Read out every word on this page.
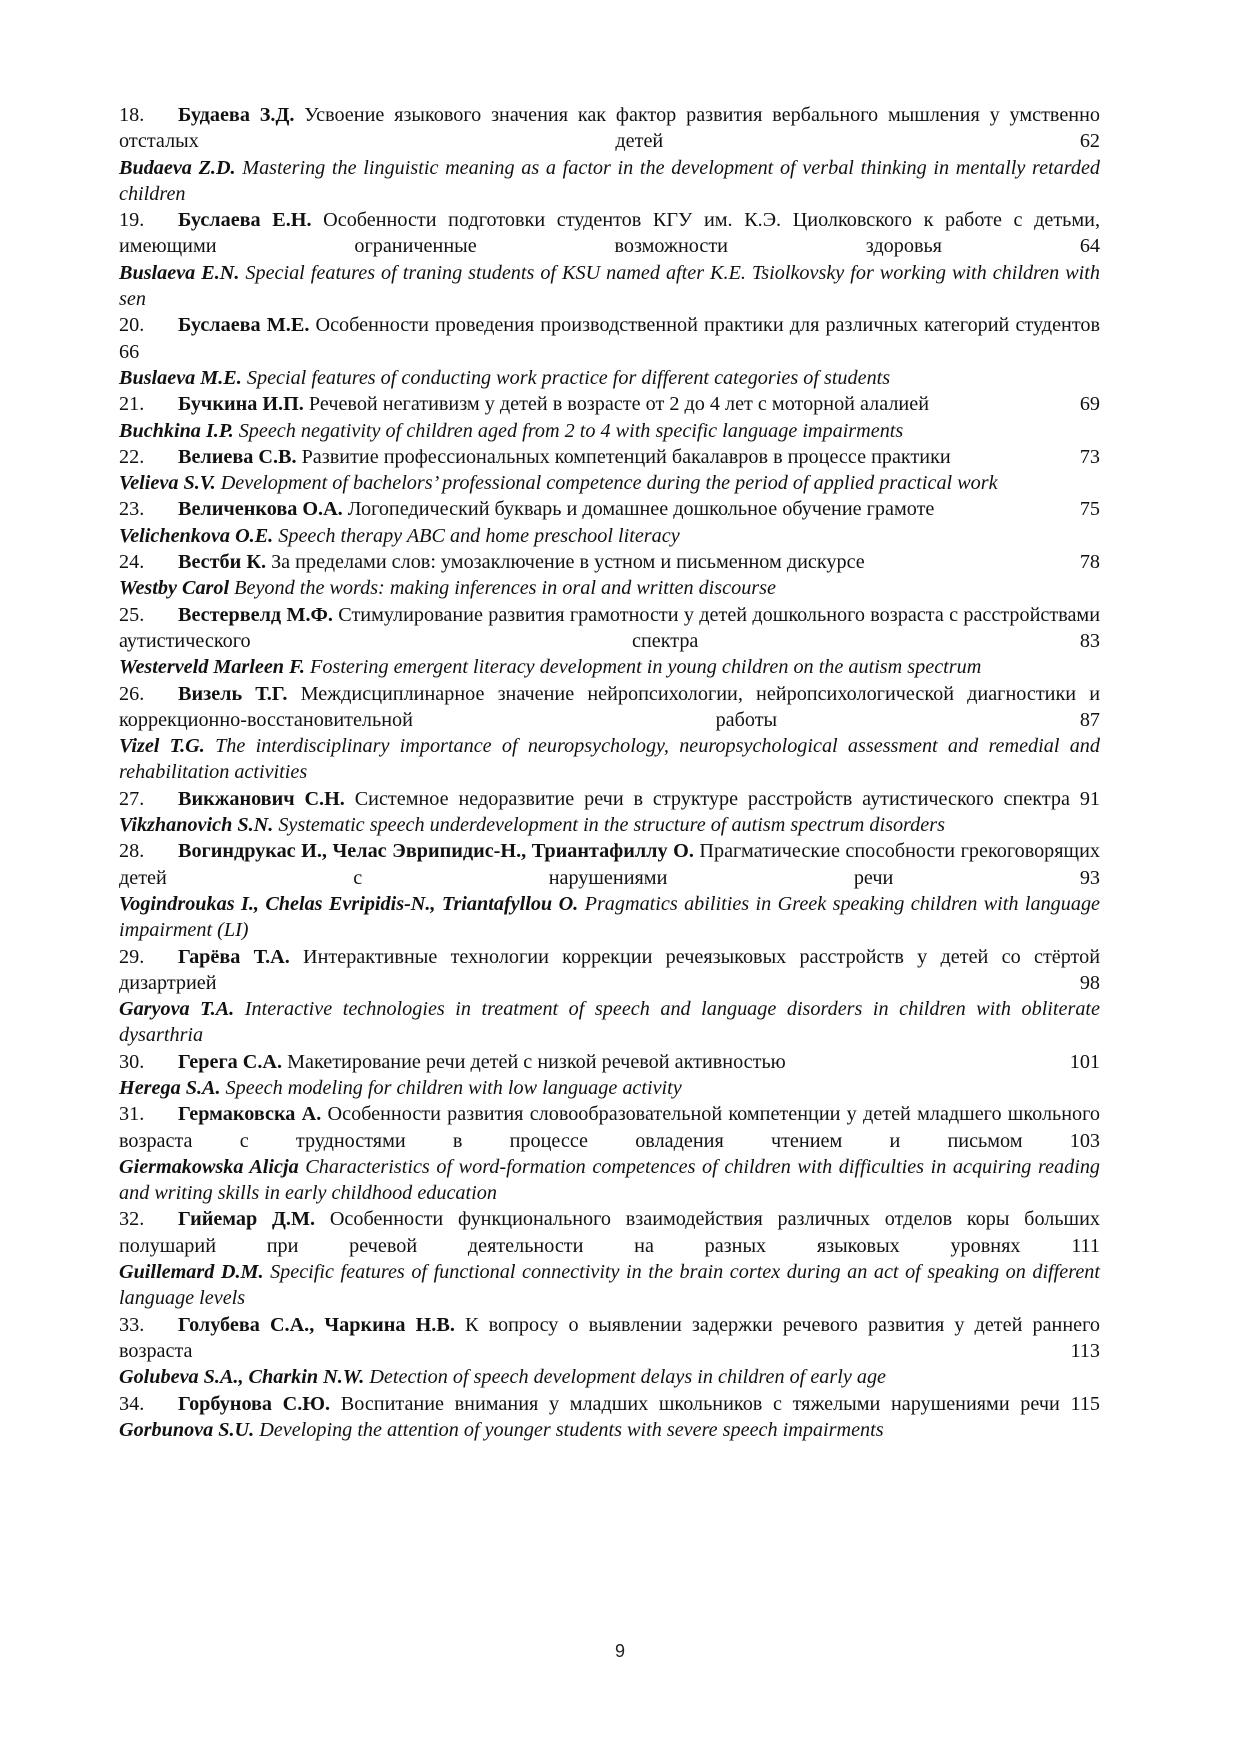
18. Будаева З.Д. Усвоение языкового значения как фактор развития вербального мышления у умственно отсталых детей	62
Budaeva Z.D. Mastering the linguistic meaning as a factor in the development of verbal thinking in mentally retarded children
19. Буслаева Е.Н. Особенности подготовки студентов КГУ им. К.Э. Циолковского к работе с детьми, имеющими ограниченные возможности здоровья	64
Buslaeva E.N. Special features of traning students of KSU named after K.E. Tsiolkovsky for working with children with sen
20. Буслаева М.Е. Особенности проведения производственной практики для различных категорий студентов 66
Buslaeva M.E. Special features of conducting work practice for different categories of students
21. Бучкина И.П. Речевой негативизм у детей в возрасте от 2 до 4 лет с моторной алалией	69
Buchkina I.P. Speech negativity of children aged from 2 to 4 with specific language impairments
22. Велиева С.В. Развитие профессиональных компетенций бакалавров в процессе практики	73
Velieva S.V. Development of bachelors’ professional competence during the period of applied practical work
23. Величенкова О.А. Логопедический букварь и домашнее дошкольное обучение грамоте	75
Velichenkova O.E. Speech therapy ABC and home preschool literacy
24. Вестби К. За пределами слов: умозаключение в устном и письменном дискурсе	78
Westby Carol Beyond the words: making inferences in oral and written discourse
25. Вестервелд М.Ф. Стимулирование развития грамотности у детей дошкольного возраста с расстройствами аутистического спектра	83
Westerveld Marleen F. Fostering emergent literacy development in young children on the autism spectrum
26. Визель Т.Г. Междисциплинарное значение нейропсихологии, нейропсихологической диагностики и коррекционно-восстановительной работы	87
Vizel T.G. The interdisciplinary importance of neuropsychology, neuropsychological assessment and remedial and rehabilitation activities
27. Викжанович С.Н. Системное недоразвитие речи в структуре расстройств аутистического спектра 91
Vikzhanovich S.N. Systematic speech underdevelopment in the structure of autism spectrum disorders
28. Вогиндрукас И., Челас Эврипидис-Н., Триантафиллу О. Прагматические способности грекоговорящих детей с нарушениями речи	93
Vogindroukas I., Chelas Evripidis-N., Triantafyllou O. Pragmatics abilities in Greek speaking children with language impairment (LI)
29. Гарёва Т.А. Интерактивные технологии коррекции речеязыковых расстройств у детей со стёртой дизартрией	98
Garyova T.A. Interactive technologies in treatment of speech and language disorders in children with obliterate dysarthria
30. Герега С.А. Макетирование речи детей с низкой речевой активностью	101
Herega S.A. Speech modeling for children with low language activity
31. Гермаковска А. Особенности развития словообразовательной компетенции у детей младшего школьного возраста с трудностями в процессе овладения чтением и письмом 103
Giermakowska Alicja Characteristics of word-formation competences of children with difficulties in acquiring reading and writing skills in early childhood education
32. Гийемар Д.М. Особенности функционального взаимодействия различных отделов коры больших полушарий при речевой деятельности на разных языковых уровнях	111
Guillemard D.M. Specific features of functional connectivity in the brain cortex during an act of speaking on different language levels
33. Голубева С.А., Чаркина Н.В. К вопросу о выявлении задержки речевого развития у детей раннего возраста	113
Golubeva S.A., Charkin N.W. Detection of speech development delays in children of early age
34. Горбунова С.Ю. Воспитание внимания у младших школьников с тяжелыми нарушениями речи 115
Gorbunova S.U. Developing the attention of younger students with severe speech impairments
9
